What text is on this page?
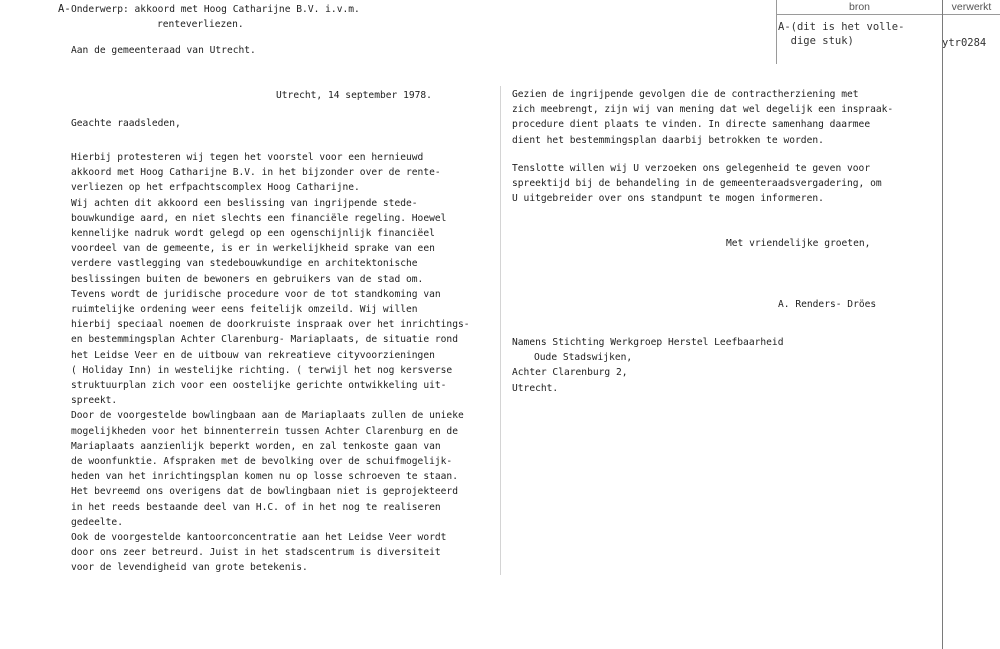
bron	verwerkt
A-(dit is het volle-
dige stuk)	ytr0284
A- Onderwerp: akkoord met Hoog Catharijne B.V. i.v.m.
renteverliezen.
Aan de gemeenteraad van Utrecht.
Utrecht, 14 september 1978.
Geachte raadsleden,
Hierbij protesteren wij tegen het voorstel voor een hernieuwd
akkoord met Hoog Catharijne B.V. in het bijzonder over de rente-
verliezen op het erfpachtscomplex Hoog Catharijne.
Wij achten dit akkoord een beslissing van ingrijpende stede-
bouwkundige aard, en niet slechts een financiële regeling. Hoewel
kennelijke nadruk wordt gelegd op een ogenschijnlijk financiëel
voordeel van de gemeente, is er in werkelijkheid sprake van een
verdere vastlegging van stedebouwkundige en architektonische
beslissingen buiten de bewoners en gebruikers van de stad om.
Tevens wordt de juridische procedure voor de tot standkoming van
ruimtelijke ordening weer eens feitelijk omzeild. Wij willen
hierbij speciaal noemen de doorkruiste inspraak over het inrichtings-
en bestemmingsplan Achter Clarenburg- Mariaplaats, de situatie rond
het Leidse Veer en de uitbouw van rekreatieve cityvoorzieningen
( Holiday Inn) in westelijke richting. ( terwijl het nog kersverse
struktuurplan zich voor een oostelijke gerichte ontwikkeling uit-
spreekt.
Door de voorgestelde bowlingbaan aan de Mariaplaats zullen de unieke
mogelijkheden voor het binnenterrein tussen Achter Clarenburg en de
Mariaplaats aanzienlijk beperkt worden, en zal tenkoste gaan van
de woonfunktie. Afspraken met de bevolking over de schuifmogelijk-
heden van het inrichtingsplan komen nu op losse schroeven te staan.
Het bevreemd ons overigens dat de bowlingbaan niet is geprojekteerd
in het reeds bestaande deel van H.C. of in het nog te realiseren
gedeelte.
Ook de voorgestelde kantoorconcentratie aan het Leidse Veer wordt
door ons zeer betreurd. Juist in het stadscentrum is diversiteit
voor de levendigheid van grote betekenis.
Gezien de ingrijpende gevolgen die de contractherziening met
zich meebrengt, zijn wij van mening dat wel degelijk een inspraak-
procedure dient plaats te vinden. In directe samenhang daarmee
dient het bestemmingsplan daarbij betrokken te worden.
Tenslotte willen wij U verzoeken ons gelegenheid te geven voor
spreektijd bij de behandeling in de gemeenteraadsvergadering, om
U uitgebreider over ons standpunt te mogen informeren.
Met vriendelijke groeten,
A. Renders- Dröes
Namens Stichting Werkgroep Herstel Leefbaarheid
Oude Stadswijken,
Achter Clarenburg 2,
Utrecht.
